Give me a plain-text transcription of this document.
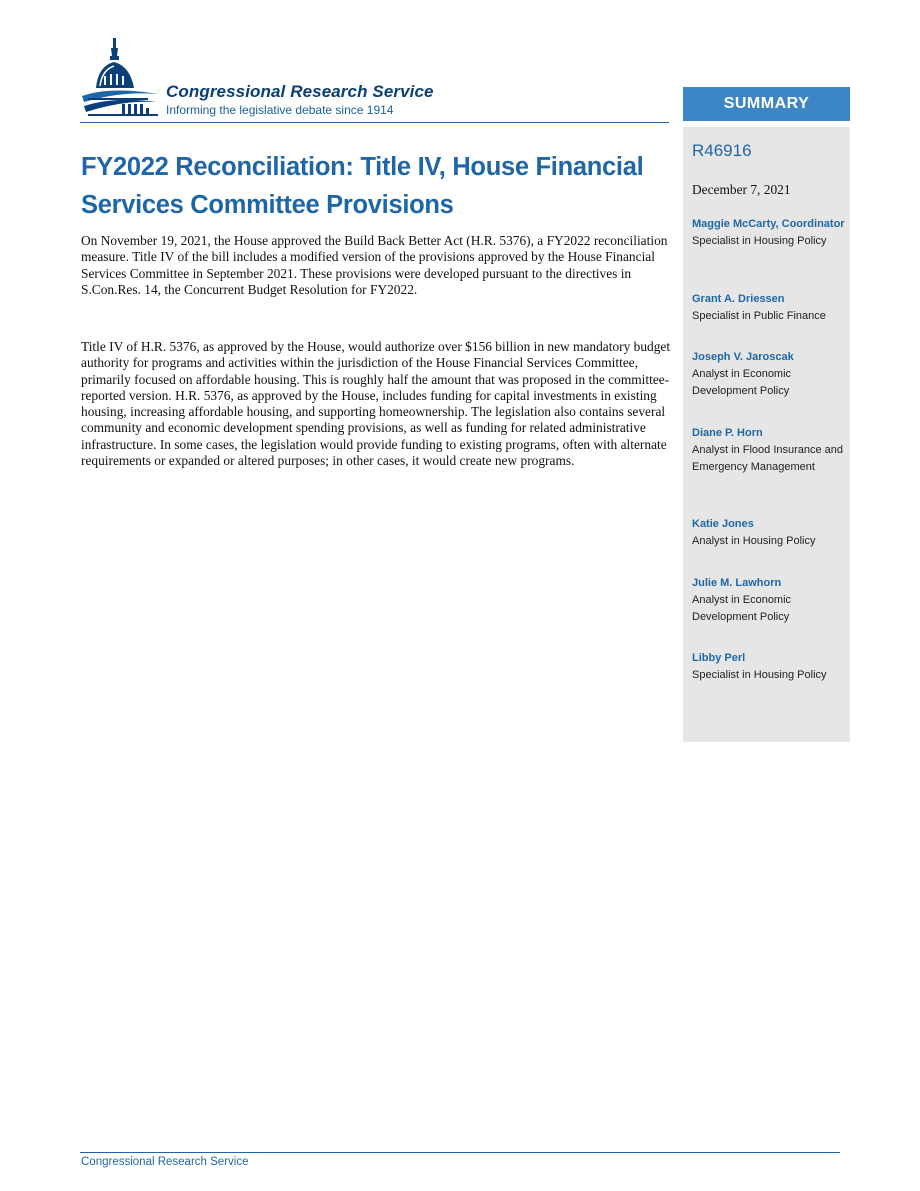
Congressional Research Service
Informing the legislative debate since 1914
FY2022 Reconciliation: Title IV, House Financial Services Committee Provisions

On November 19, 2021, the House approved the Build Back Better Act (H.R. 5376), a FY2022 reconciliation measure. Title IV of the bill includes a modified version of the provisions approved by the House Financial Services Committee in September 2021. These provisions were developed pursuant to the directives in S.Con.Res. 14, the Concurrent Budget Resolution for FY2022.

Title IV of H.R. 5376, as approved by the House, would authorize over $156 billion in new mandatory budget authority for programs and activities within the jurisdiction of the House Financial Services Committee, primarily focused on affordable housing. This is roughly half the amount that was proposed in the committee-reported version. H.R. 5376, as approved by the House, includes funding for capital investments in existing housing, increasing affordable housing, and supporting homeownership. The legislation also contains several community and economic development spending provisions, as well as funding for related administrative infrastructure. In some cases, the legislation would provide funding to existing programs, often with alternate requirements or expanded or altered purposes; in other cases, it would create new programs.

SUMMARY
R46916
December 7, 2021
Maggie McCarty, Coordinator
Specialist in Housing Policy
Grant A. Driessen
Specialist in Public Finance
Joseph V. Jaroscak
Analyst in Economic Development Policy
Diane P. Horn
Analyst in Flood Insurance and Emergency Management
Katie Jones
Analyst in Housing Policy
Julie M. Lawhorn
Analyst in Economic Development Policy
Libby Perl
Specialist in Housing Policy
Congressional Research Service
